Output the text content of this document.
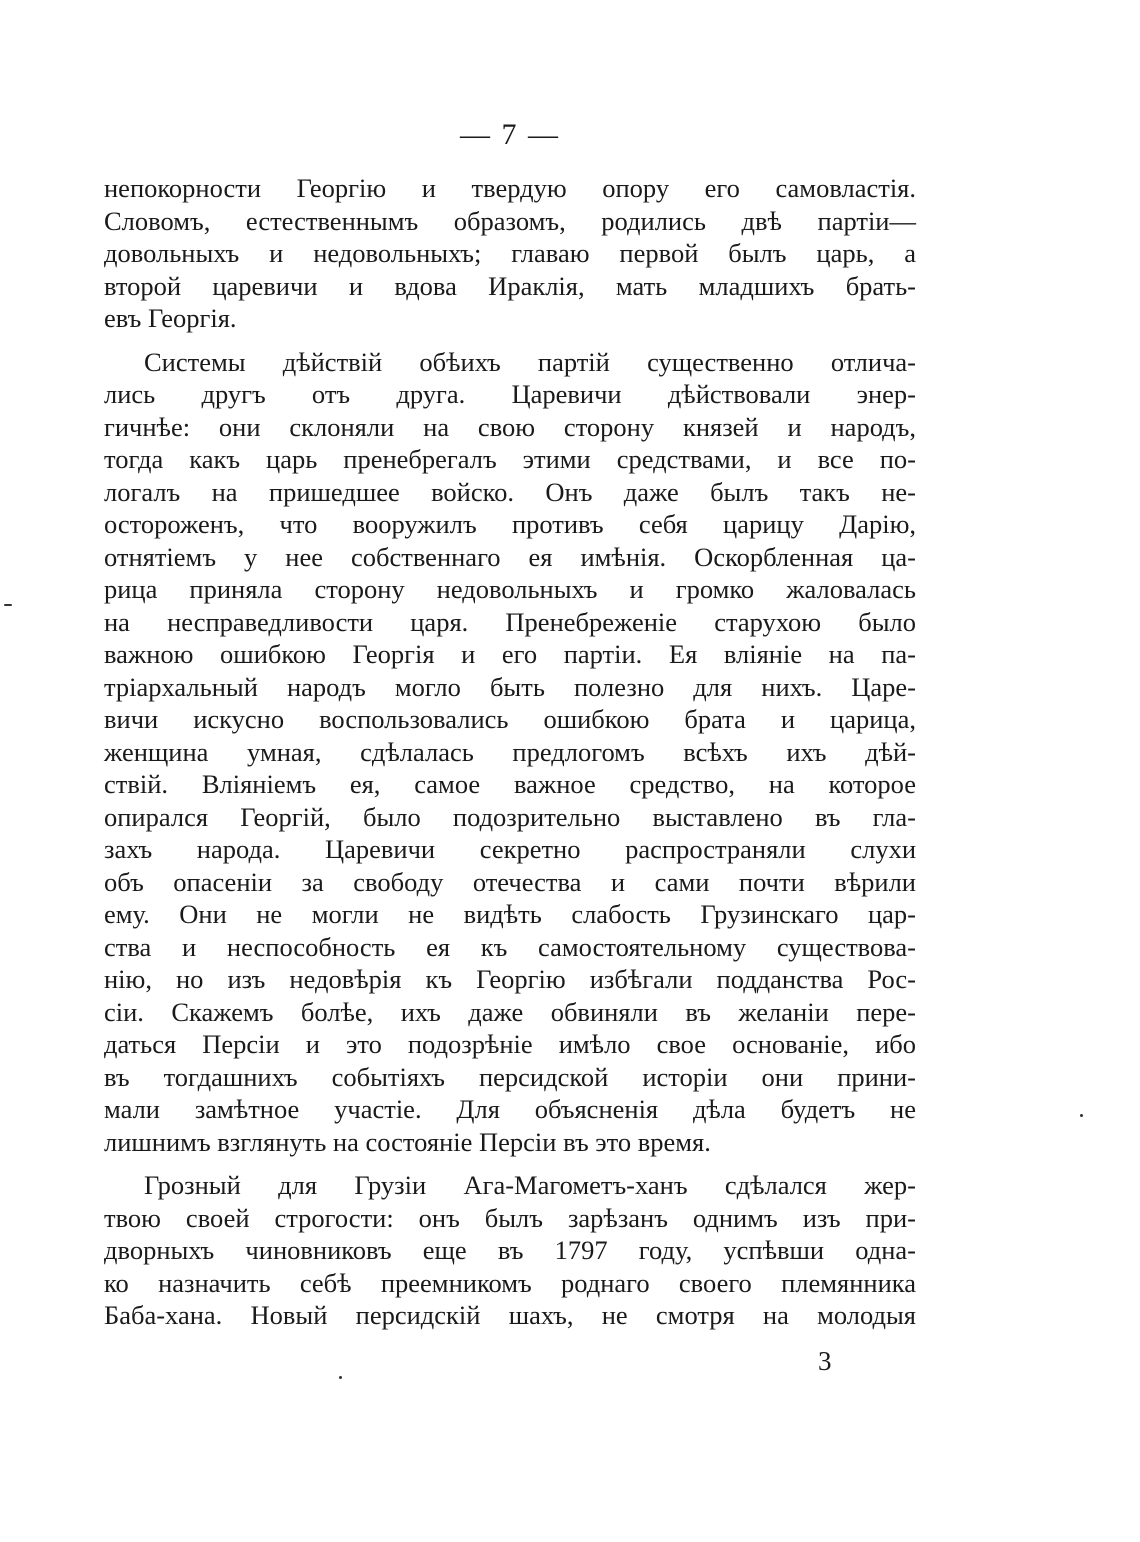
— 7 —
непокорности Георгію и твердую опору его самовластія.
Словомъ, естественнымъ образомъ, родились двѣ партіи—
довольныхъ и недовольныхъ; главаю первой былъ царь, а
второй царевичи и вдова Ираклія, мать младшихъ брать-
евъ Георгія.
Системы дѣйствій обѣихъ партій существенно отлича-
лись другъ отъ друга. Царевичи дѣйствовали энер-
гичнѣе: они склоняли на свою сторону князей и народъ,
тогда какъ царь пренебрегалъ этими средствами, и все по-
логалъ на пришедшее войско. Онъ даже былъ такъ не-
остороженъ, что вооружилъ противъ себя царицу Дарію,
отнятіемъ у нее собственнаго ея имѣнія. Оскорбленная ца-
рица приняла сторону недовольныхъ и громко жаловалась
на несправедливости царя. Пренебреженіе старухою было
важною ошибкою Георгія и его партіи. Ея вліяніе на па-
тріархальный народъ могло быть полезно для нихъ. Царе-
вичи искусно воспользовались ошибкою брата и царица,
женщина умная, сдѣлалась предлогомъ всѣхъ ихъ дѣй-
ствій. Вліяніемъ ея, самое важное средство, на которое
опирался Георгій, было подозрительно выставлено въ гла-
захъ народа. Царевичи секретно распространяли слухи
объ опасеніи за свободу отечества и сами почти вѣрили
ему. Они не могли не видѣть слабость Грузинскаго цар-
ства и неспособность ея къ самостоятельному существова-
нію, но изъ недовѣрія къ Георгію избѣгали подданства Рос-
сіи. Скажемъ болѣе, ихъ даже обвиняли въ желаніи пере-
даться Персіи и это подозрѣніе имѣло свое основаніе, ибо
въ тогдашнихъ событіяхъ персидской исторіи они прини-
мали замѣтное участіе. Для объясненія дѣла будетъ не
лишнимъ взглянуть на состояніе Персіи въ это время.
Грозный для Грузіи Ага-Магометъ-ханъ сдѣлался жер-
твою своей строгости: онъ былъ зарѣзанъ однимъ изъ при-
дворныхъ чиновниковъ еще въ 1797 году, успѣвши одна-
ко назначить себѣ преемникомъ роднаго своего племянника
Баба-хана. Новый персидскій шахъ, не смотря на молодыя
3
